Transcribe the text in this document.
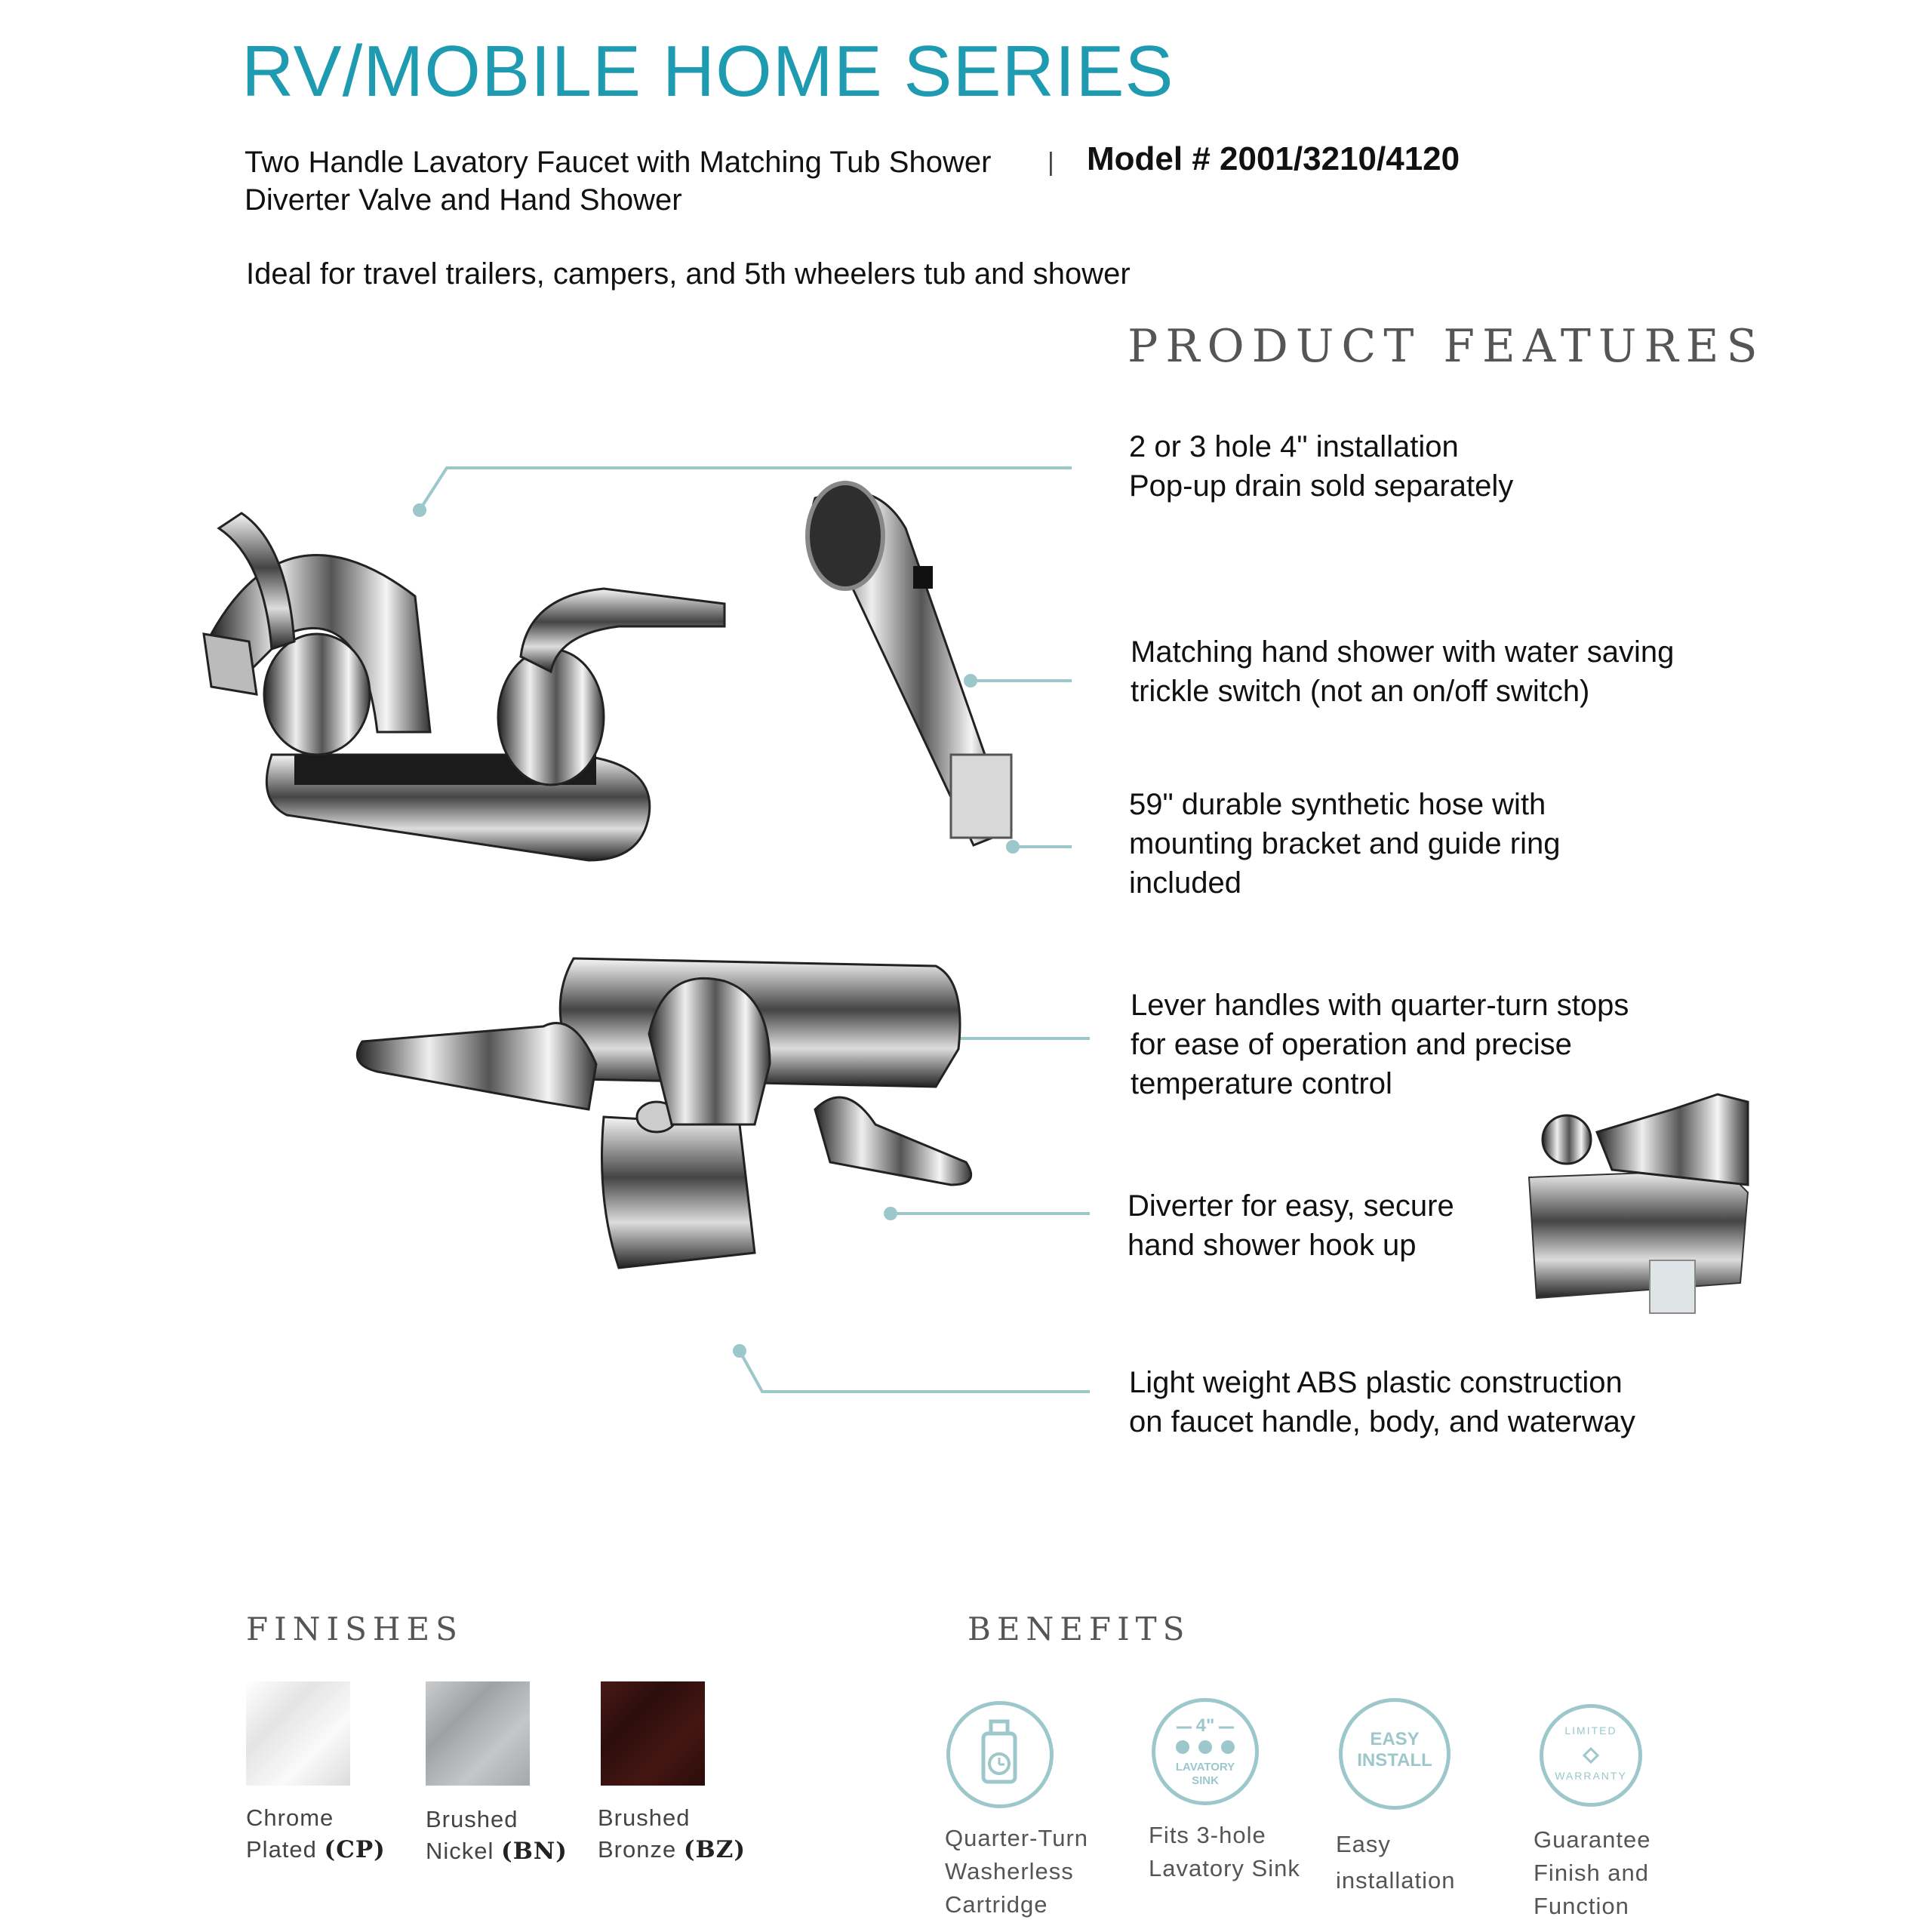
RV/MOBILE HOME SERIES
Two Handle Lavatory Faucet with Matching Tub Shower
Diverter Valve and Hand Shower
| Model # 2001/3210/4120
Ideal for travel trailers, campers, and 5th wheelers tub and shower
PRODUCT FEATURES
2 or 3 hole 4" installation
Pop-up drain sold separately
Matching hand shower with water saving
trickle switch (not an on/off switch)
59" durable synthetic hose with
mounting bracket and guide ring
included
Lever handles with quarter-turn stops
for ease of operation and precise
temperature control
Diverter for easy, secure
hand shower hook up
Light weight ABS plastic construction
on faucet handle, body, and waterway
FINISHES
Chrome
Plated (CP)
Brushed
Nickel (BN)
Brushed
Bronze (BZ)
BENEFITS
4"
LAVATORY
SINK
EASY
INSTALL
LIMITED
WARRANTY
Quarter-Turn
Washerless
Cartridge
Fits 3-hole
Lavatory Sink
Easy
installation
Guarantee
Finish and
Function
